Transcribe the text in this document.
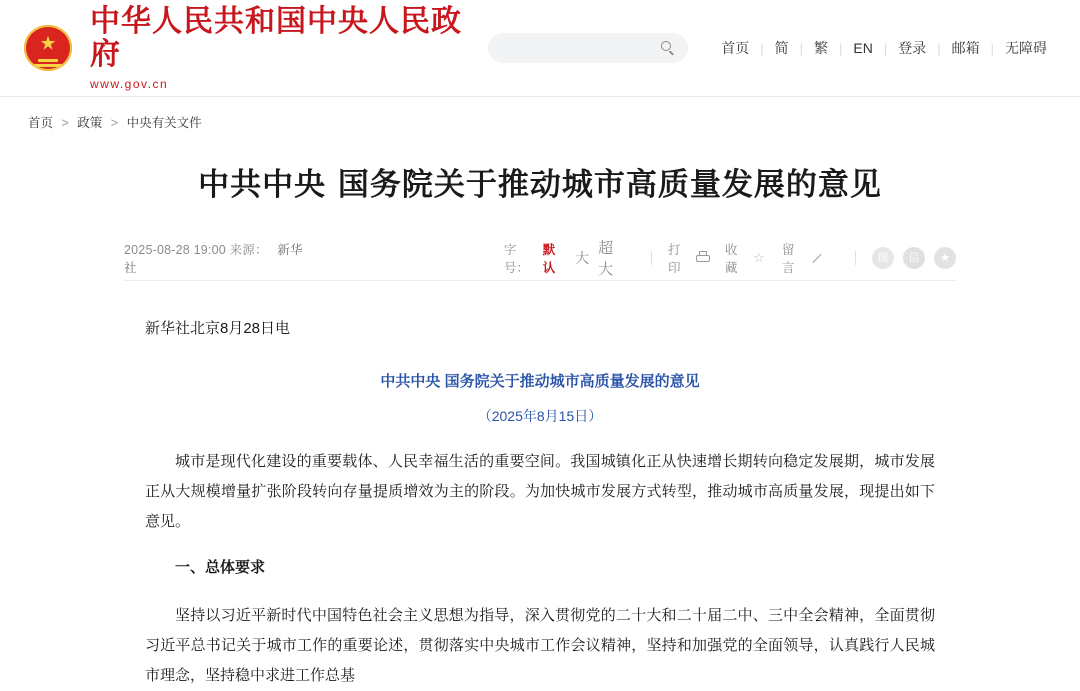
★
中华人民共和国中央人民政府
www.gov.cn
首页 | 简 | 繁 | EN | 登录 | 邮箱 | 无障碍
首页 > 政策 > 中央有关文件
中共中央 国务院关于推动城市高质量发展的意见
2025-08-28 19:00 来源： 新华社
字号：
默认
大
超大
打印
收藏
☆ 留言
微	信	★

新华社北京8月28日电

中共中央 国务院关于推动城市高质量发展的意见
（2025年8月15日）

城市是现代化建设的重要载体、人民幸福生活的重要空间。我国城镇化正从快速增长期转向稳定发展期，城市发展正从大规模增量扩张阶段转向存量提质增效为主的阶段。为加快城市发展方式转型，推动城市高质量发展，现提出如下意见。

一、总体要求

坚持以习近平新时代中国特色社会主义思想为指导，深入贯彻党的二十大和二十届二中、三中全会精神，全面贯彻习近平总书记关于城市工作的重要论述，贯彻落实中央城市工作会议精神，坚持和加强党的全面领导，认真践行人民城市理念，坚持稳中求进工作总基
